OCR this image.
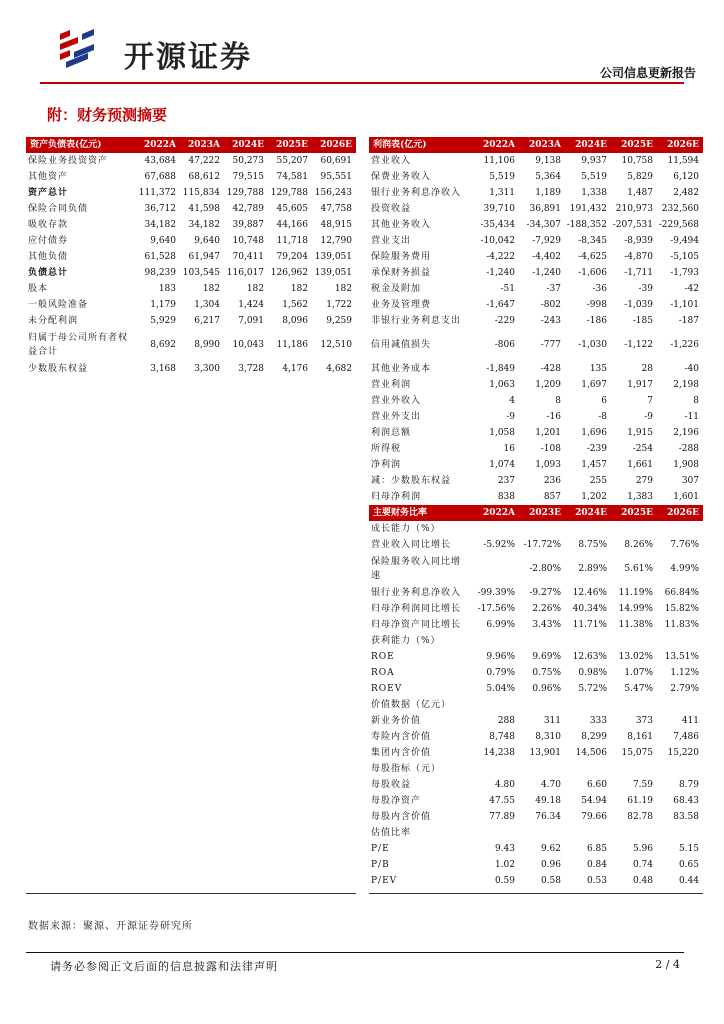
开源证券	公司信息更新报告
附：财务预测摘要
资产负债表(亿元)	2022A	2023A	2024E	2025E	2026E
保险业务投资资产	43,684	47,222	50,273	55,207	60,691
其他资产	67,688	68,612	79,515	74,581	95,551
资产总计	111,372	115,834	129,788	129,788	156,243
保险合同负债	36,712	41,598	42,789	45,605	47,758
吸收存款	34,182	34,182	39,887	44,166	48,915
应付债券	9,640	9,640	10,748	11,718	12,790
其他负债	61,528	61,947	70,411	79,204	139,051
负债总计	98,239	103,545	116,017	126,962	139,051
股本	183	182	182	182	182
一般风险准备	1,179	1,304	1,424	1,562	1,722
未分配利润	5,929	6,217	7,091	8,096	9,259
归属于母公司所有者权益合计	8,692	8,990	10,043	11,186	12,510
少数股东权益	3,168	3,300	3,728	4,176	4,682
利润表(亿元)	2022A	2023A	2024E	2025E	2026E
营业收入	11,106	9,138	9,937	10,758	11,594
保费业务收入	5,519	5,364	5,519	5,829	6,120
银行业务利息净收入	1,311	1,189	1,338	1,487	2,482
投资收益	39,710	36,891	191,432	210,973	232,560
其他业务收入	-35,434	-34,307	-188,352	-207,531	-229,568
营业支出	-10,042	-7,929	-8,345	-8,939	-9,494
保险服务费用	-4,222	-4,402	-4,625	-4,870	-5,105
承保财务损益	-1,240	-1,240	-1,606	-1,711	-1,793
税金及附加	-51	-37	-36	-39	-42
业务及管理费	-1,647	-802	-998	-1,039	-1,101
非银行业务利息支出	-229	-243	-186	-185	-187
信用减值损失	-806	-777	-1,030	-1,122	-1,226
其他业务成本	-1,849	-428	135	28	-40
营业利润	1,063	1,209	1,697	1,917	2,198
营业外收入	4	8	6	7	8
营业外支出	-9	-16	-8	-9	-11
利润总额	1,058	1,201	1,696	1,915	2,196
所得税	16	-108	-239	-254	-288
净利润	1,074	1,093	1,457	1,661	1,908
减：少数股东权益	237	236	255	279	307
归母净利润	838	857	1,202	1,383	1,601
主要财务比率	2022A	2023E	2024E	2025E	2026E
成长能力（%）					
营业收入同比增长	-5.92%	-17.72%	8.75%	8.26%	7.76%
保险服务收入同比增速		-2.80%	2.89%	5.61%	4.99%
银行业务利息净收入	-99.39%	-9.27%	12.46%	11.19%	66.84%
归母净利润同比增长	-17.56%	2.26%	40.34%	14.99%	15.82%
归母净资产同比增长	6.99%	3.43%	11.71%	11.38%	11.83%
获利能力（%）					
ROE	9.96%	9.69%	12.63%	13.02%	13.51%
ROA	0.79%	0.75%	0.98%	1.07%	1.12%
ROEV	5.04%	0.96%	5.72%	5.47%	2.79%
价值数据（亿元）					
新业务价值	288	311	333	373	411
寿险内含价值	8,748	8,310	8,299	8,161	7,486
集团内含价值	14,238	13,901	14,506	15,075	15,220
每股指标（元）					
每股收益	4.80	4.70	6.60	7.59	8.79
每股净资产	47.55	49.18	54.94	61.19	68.43
每股内含价值	77.89	76.34	79.66	82.78	83.58
估值比率					
P/E	9.43	9.62	6.85	5.96	5.15
P/B	1.02	0.96	0.84	0.74	0.65
P/EV	0.59	0.58	0.53	0.48	0.44
数据来源：聚源、开源证券研究所
请务必参阅正文后面的信息披露和法律声明	2 / 4
